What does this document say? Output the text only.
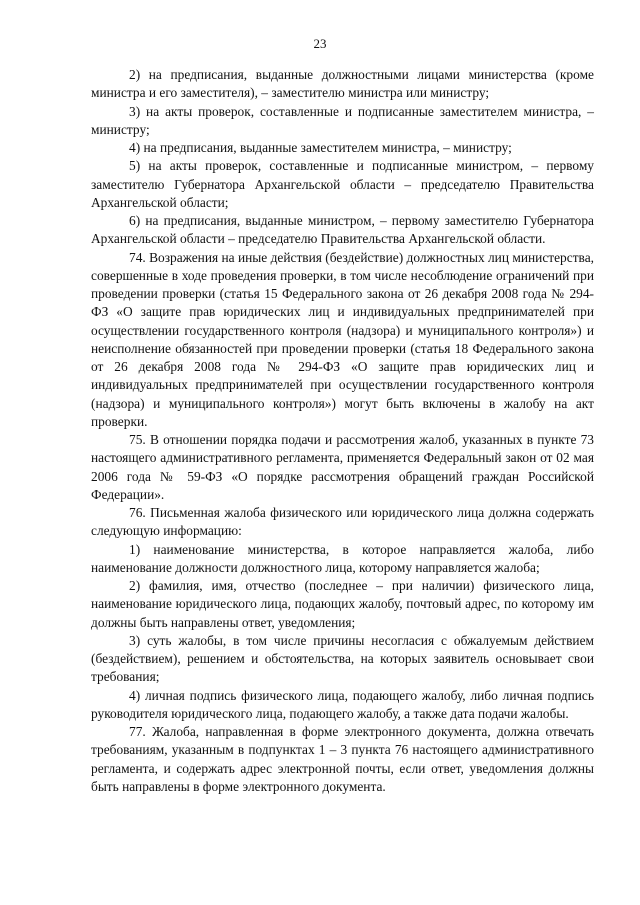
23

2) на предписания, выданные должностными лицами министерства (кроме министра и его заместителя), – заместителю министра или министру;

3) на акты проверок, составленные и подписанные заместителем министра, – министру;

4) на предписания, выданные заместителем министра, – министру;

5) на акты проверок, составленные и подписанные министром, – первому заместителю Губернатора Архангельской области – председателю Правительства Архангельской области;

6) на предписания, выданные министром, – первому заместителю Губернатора Архангельской области – председателю Правительства Архангельской области.

74. Возражения на иные действия (бездействие) должностных лиц министерства, совершенные в ходе проведения проверки, в том числе несоблюдение ограничений при проведении проверки (статья 15 Федерального закона от 26 декабря 2008 года № 294-ФЗ «О защите прав юридических лиц и индивидуальных предпринимателей при осуществлении государственного контроля (надзора) и муниципального контроля») и неисполнение обязанностей при проведении проверки (статья 18 Федерального закона от 26 декабря 2008 года № 294-ФЗ «О защите прав юридических лиц и индивидуальных предпринимателей при осуществлении государственного контроля (надзора) и муниципального контроля») могут быть включены в жалобу на акт проверки.

75. В отношении порядка подачи и рассмотрения жалоб, указанных в пункте 73 настоящего административного регламента, применяется Федеральный закон от 02 мая 2006 года № 59-ФЗ «О порядке рассмотрения обращений граждан Российской Федерации».

76. Письменная жалоба физического или юридического лица должна содержать следующую информацию:

1) наименование министерства, в которое направляется жалоба, либо наименование должности должностного лица, которому направляется жалоба;

2) фамилия, имя, отчество (последнее – при наличии) физического лица, наименование юридического лица, подающих жалобу, почтовый адрес, по которому им должны быть направлены ответ, уведомления;

3) суть жалобы, в том числе причины несогласия с обжалуемым действием (бездействием), решением и обстоятельства, на которых заявитель основывает свои требования;

4) личная подпись физического лица, подающего жалобу, либо личная подпись руководителя юридического лица, подающего жалобу, а также дата подачи жалобы.

77. Жалоба, направленная в форме электронного документа, должна отвечать требованиям, указанным в подпунктах 1 – 3 пункта 76 настоящего административного регламента, и содержать адрес электронной почты, если ответ, уведомления должны быть направлены в форме электронного документа.
